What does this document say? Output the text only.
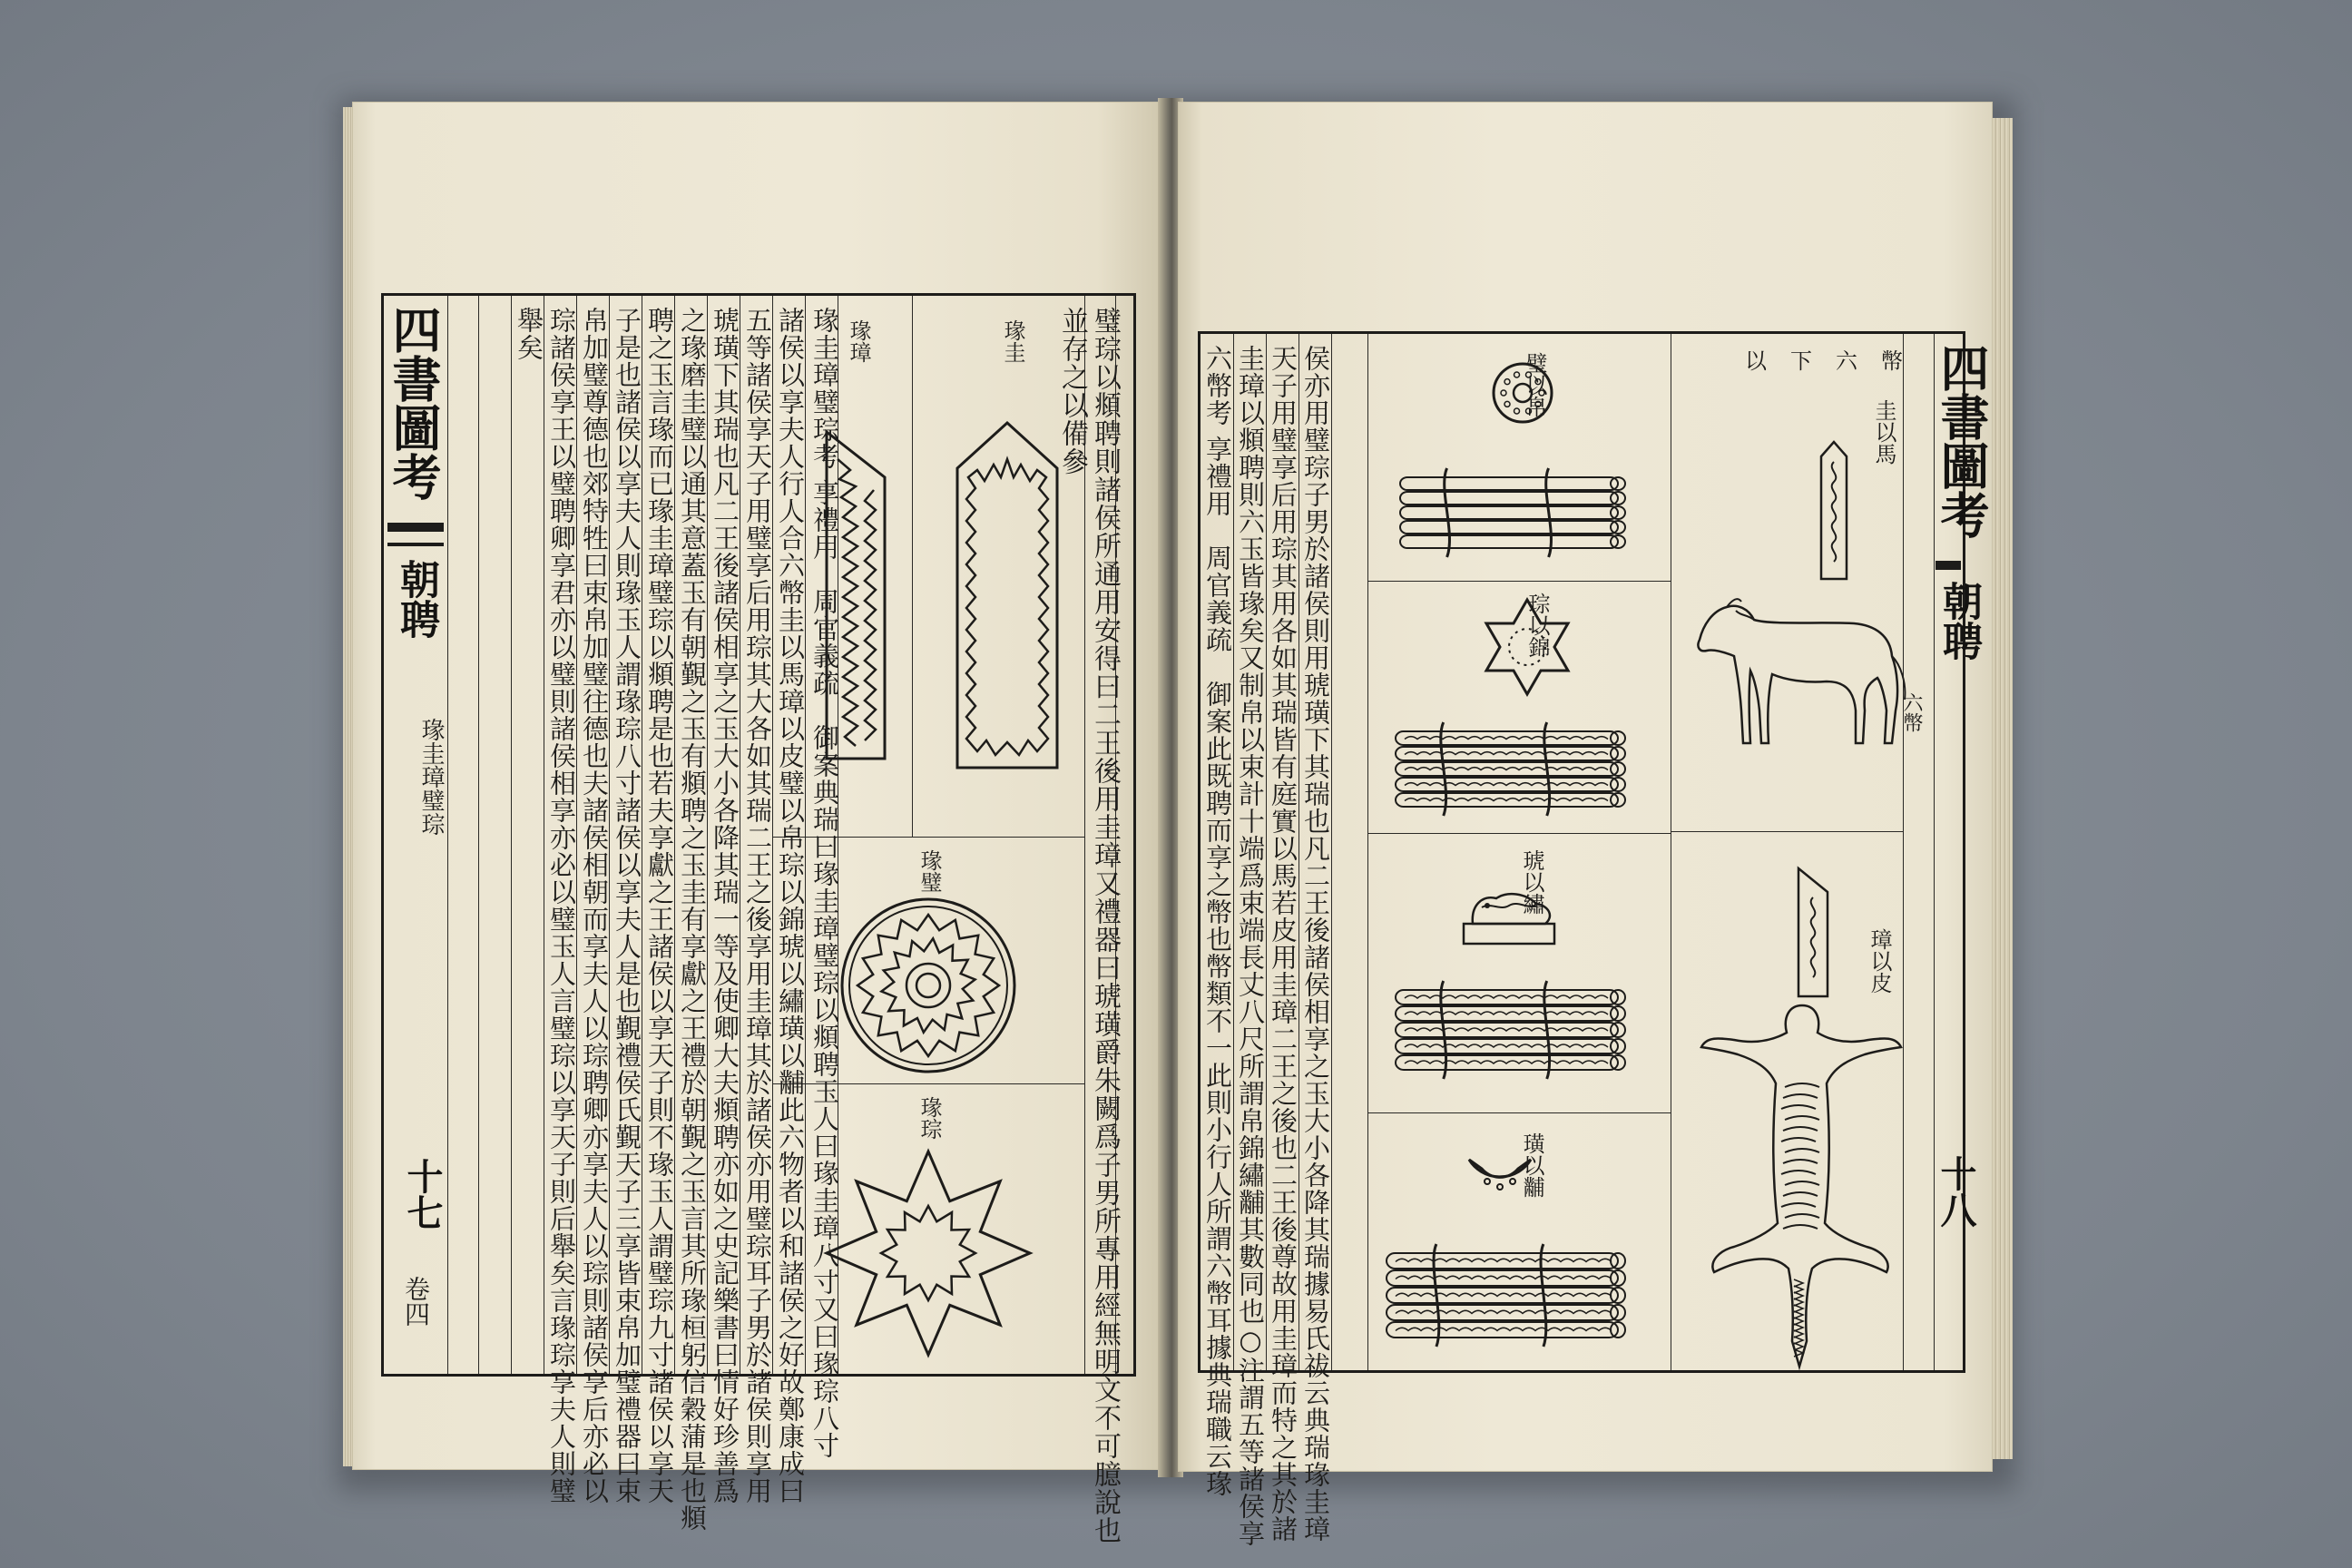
璧琮以頫聘則諸侯所通用安得曰二王後用圭璋又禮器曰琥璜爵朱闕爲子男所專用經無明文不可臆說也
並存之以備參
瑑圭璋璧琮考 享禮用　周官義疏　御案典瑞曰瑑圭璋璧琮以頫聘玉人曰瑑圭璋八寸又曰瑑琮八寸
諸侯以享夫人行人合六幣圭以馬璋以皮璧以帛琮以錦琥以繡璜以黼此六物者以和諸侯之好故鄭康成曰
五等諸侯享天子用璧享后用琮其大各如其瑞二王之後享用圭璋其於諸侯亦用璧琮耳子男於諸侯則享用
琥璜下其瑞也凡二王後諸侯相享之玉大小各降其瑞一等及使卿大夫頫聘亦如之史記樂書曰情好珍善爲
之瑑磨圭璧以通其意蓋玉有朝覲之玉有頫聘之玉圭有享獻之王禮於朝覲之玉言其所瑑桓躬信穀蒲是也頫
聘之玉言瑑而已瑑圭璋璧琮以頫聘是也若夫享獻之王諸侯以享天子則不瑑玉人謂璧琮九寸諸侯以享天
子是也諸侯以享夫人則瑑玉人謂瑑琮八寸諸侯以享夫人是也覲禮侯氏覲天子三享皆束帛加璧禮器曰束
帛加璧尊德也郊特牲曰束帛加璧往德也夫諸侯相朝而享夫人以琮聘卿亦享夫人以琮則諸侯享后亦必以
琮諸侯享王以璧聘卿享君亦以璧則諸侯相享亦必以璧玉人言璧琮以享天子則后舉矣言瑑琮享夫人則璧
舉矣
四書圖考
朝聘
瑑圭璋璧琮
十七
卷四
瑑圭
瑑璋
瑑璧
瑑琮	六幣考 享禮用　周官義疏　御案此既聘而享之幣也幣類不一此則小行人所謂六幣耳據典瑞職云瑑 圭璋以頫聘則六玉皆瑑矣又制帛以束計十端爲束端長丈八尺所謂帛錦繡黼其數同也○注謂五等諸侯享 天子用璧享后用琮其用各如其瑞皆有庭實以馬若皮用圭璋二王之後也二王後尊故用圭璋而特之其於諸 侯亦用璧琮子男於諸侯則用琥璜下其瑞也凡二王後諸侯相享之玉大小各降其瑞據易氏祓云典瑞瑑圭璋	以下六幣
璧以帛
琮以錦
琥以繡
璜以黼
圭以馬
六幣
璋以皮
四書圖考
朝聘
十八
